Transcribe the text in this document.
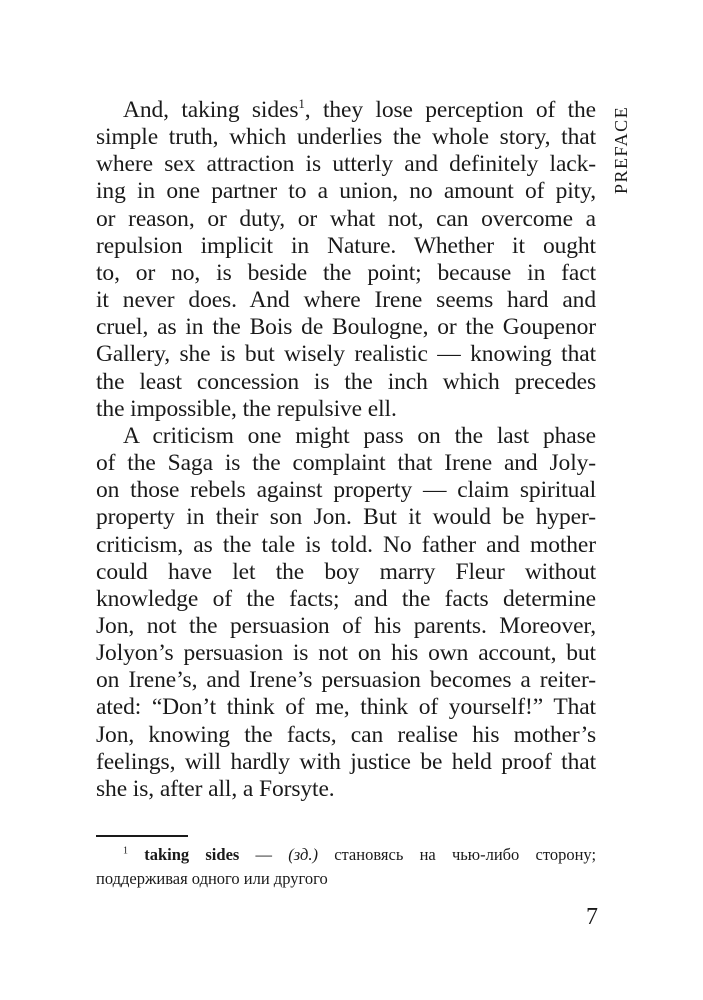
PREFACE
And, taking sides$^1$, they lose perception of the
simple truth, which underlies the whole story, that
where sex attraction is utterly and definitely lack-
ing in one partner to a union, no amount of pity,
or reason, or duty, or what not, can overcome a
repulsion implicit in Nature. Whether it ought
to, or no, is beside the point; because in fact
it never does. And where Irene seems hard and
cruel, as in the Bois de Boulogne, or the Goupenor
Gallery, she is but wisely realistic — knowing that
the least concession is the inch which precedes
the impossible, the repulsive ell.
A criticism one might pass on the last phase
of the Saga is the complaint that Irene and Joly-
on those rebels against property — claim spiritual
property in their son Jon. But it would be hyper-
criticism, as the tale is told. No father and mother
could have let the boy marry Fleur without
knowledge of the facts; and the facts determine
Jon, not the persuasion of his parents. Moreover,
Jolyon’s persuasion is not on his own account, but
on Irene’s, and Irene’s persuasion becomes a reiter-
ated: “Don’t think of me, think of yourself!” That
Jon, knowing the facts, can realise his mother’s
feelings, will hardly with justice be held proof that
she is, after all, a Forsyte.
$^1$ taking sides — (зд.) становясь на чью-либо сторону;
поддерживая одного или другого
7
